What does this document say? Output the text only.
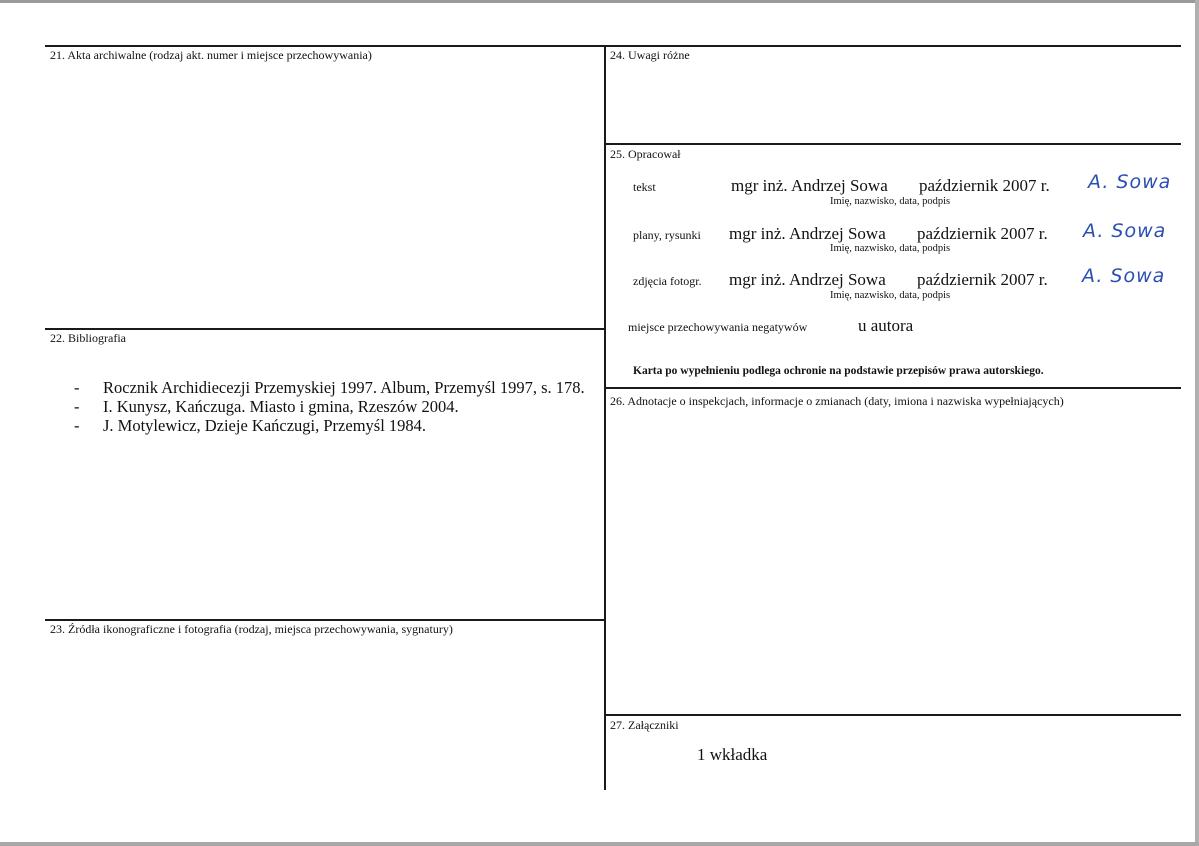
21. Akta archiwalne (rodzaj akt. numer i miejsce przechowywania)
22. Bibliografia
- Rocznik Archidiecezji Przemyskiej 1997. Album, Przemyśl 1997, s. 178.
- I. Kunysz, Kańczuga. Miasto i gmina, Rzeszów 2004.
- J. Motylewicz, Dzieje Kańczugi, Przemyśl 1984.
23. Źródła ikonograficzne i fotografia (rodzaj, miejsca przechowywania, sygnatury)
24. Uwagi różne
25. Opracował
tekst	mgr inż. Andrzej Sowa październik 2007 r.
Imię, nazwisko, data, podpis
A. Sowa
plany, rysunki mgr inż. Andrzej Sowa październik 2007 r.
Imię, nazwisko, data, podpis
A. Sowa
zdjęcia fotogr. mgr inż. Andrzej Sowa październik 2007 r.
Imię, nazwisko, data, podpis
A. Sowa
miejsce przechowywania negatywów	u autora
Karta po wypełnieniu podlega ochronie na podstawie przepisów prawa autorskiego.
26. Adnotacje o inspekcjach, informacje o zmianach (daty, imiona i nazwiska wypełniających)
27. Załączniki
1 wkładka
